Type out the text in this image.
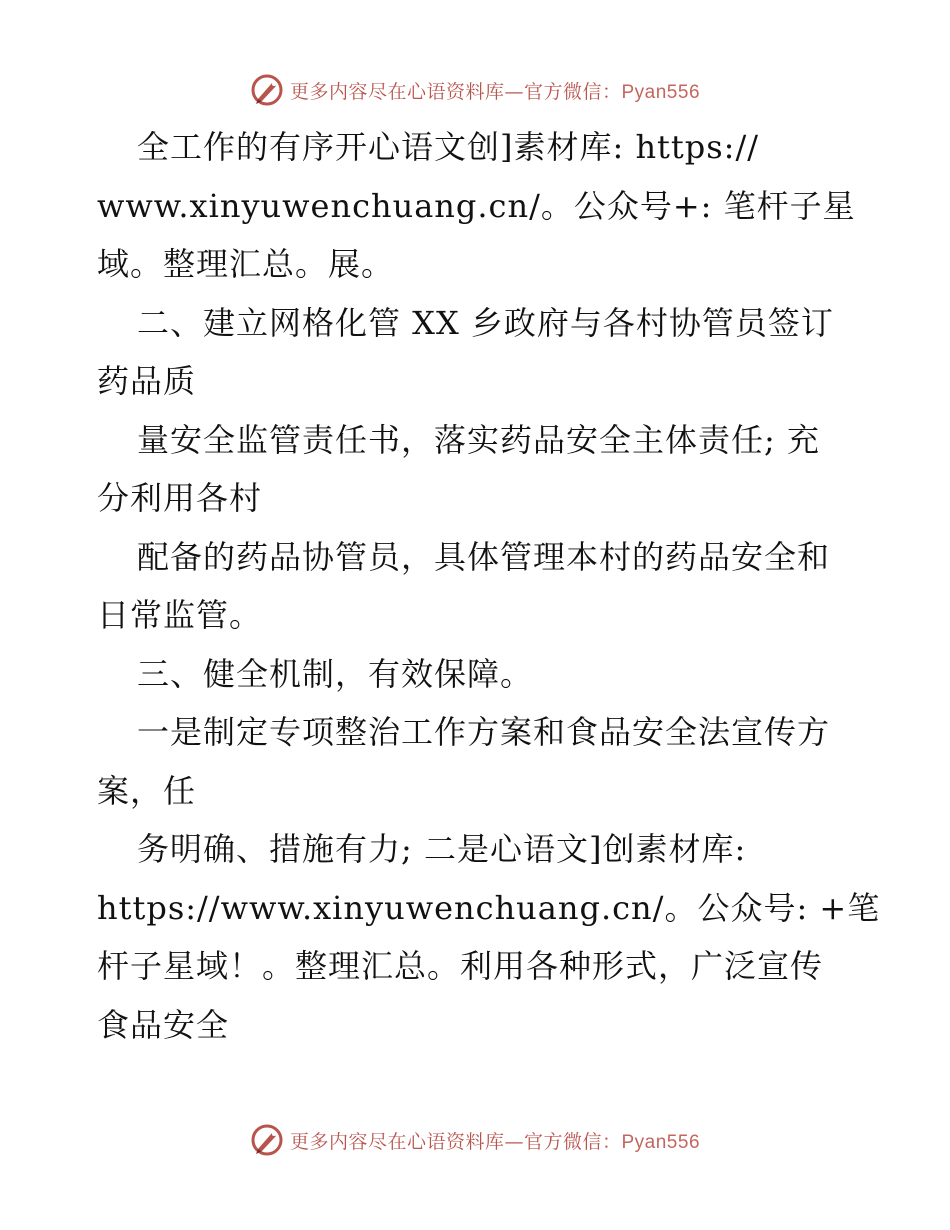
更多内容尽在心语资料库—官方微信：Pyan556
全工作的有序开心语文创]素材库: https://
www.xinyuwenchuang.cn/。公众号+: 笔杆子星
域。整理汇总。展。
二、建立网格化管 XX 乡政府与各村协管员签订
药品质
量安全监管责任书，落实药品安全主体责任; 充
分利用各村
配备的药品协管员，具体管理本村的药品安全和
日常监管。
三、健全机制，有效保障。
一是制定专项整治工作方案和食品安全法宣传方
案，任
务明确、措施有力; 二是心语文]创素材库:
https://www.xinyuwenchuang.cn/。公众号: +笔
杆子星域！。整理汇总。利用各种形式，广泛宣传
食品安全
更多内容尽在心语资料库—官方微信：Pyan556
